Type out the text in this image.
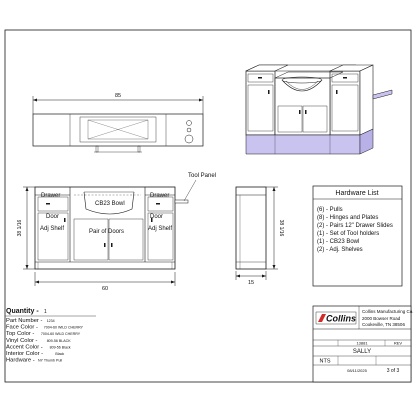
85
38 1/16
60
Tool Panel
Drawer	Drawer
Door	Door
Adj Shelf	Adj Shelf
CB23 Bowl
Pair of Doors	38 1/16
15
Hardware List
(6) - Pulls
(8) - Hinges and Plates
(2) - Pairs 12" Drawer Slides
(1) - Set of Tool holders
(1) - CB23 Bowl
(2) - Adj. Shelves
Quantity - 1
Part Number - 1234
Face Color - 7004-60 WILD CHERRY
Top Color - 7004-60 WILD CHERRY
Vinyl Color -	809-56 BLACK
Accent Color - 809-56 Black
Interior Color -	Black
Hardware - NY Thumb Pull
Collins
Collins Manufacturing Co.
2000 Bowser Road
Cookeville, TN 38506
13881	REV
SALLY
NTS
08/11/2025	3 of 3
